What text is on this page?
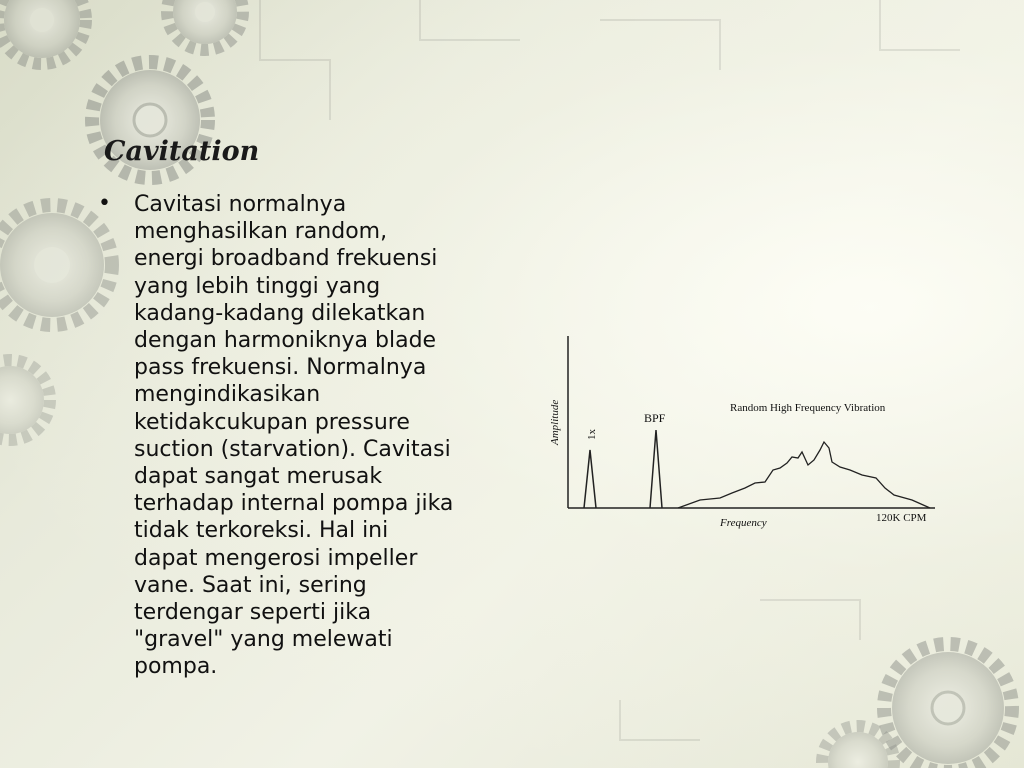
Cavitation
•	Cavitasi normalnya
menghasilkan random,
energi broadband frekuensi
yang lebih tinggi yang
kadang-kadang dilekatkan
dengan harmoniknya blade
pass frekuensi. Normalnya
mengindikasikan
ketidakcukupan pressure
suction (starvation). Cavitasi
dapat sangat merusak
terhadap internal pompa jika
tidak terkoreksi. Hal ini
dapat mengerosi impeller
vane. Saat ini, sering
terdengar seperti jika
"gravel" yang melewati
pompa.

Amplitude
Frequency
1x
BPF
Random High Frequency Vibration
120K CPM
